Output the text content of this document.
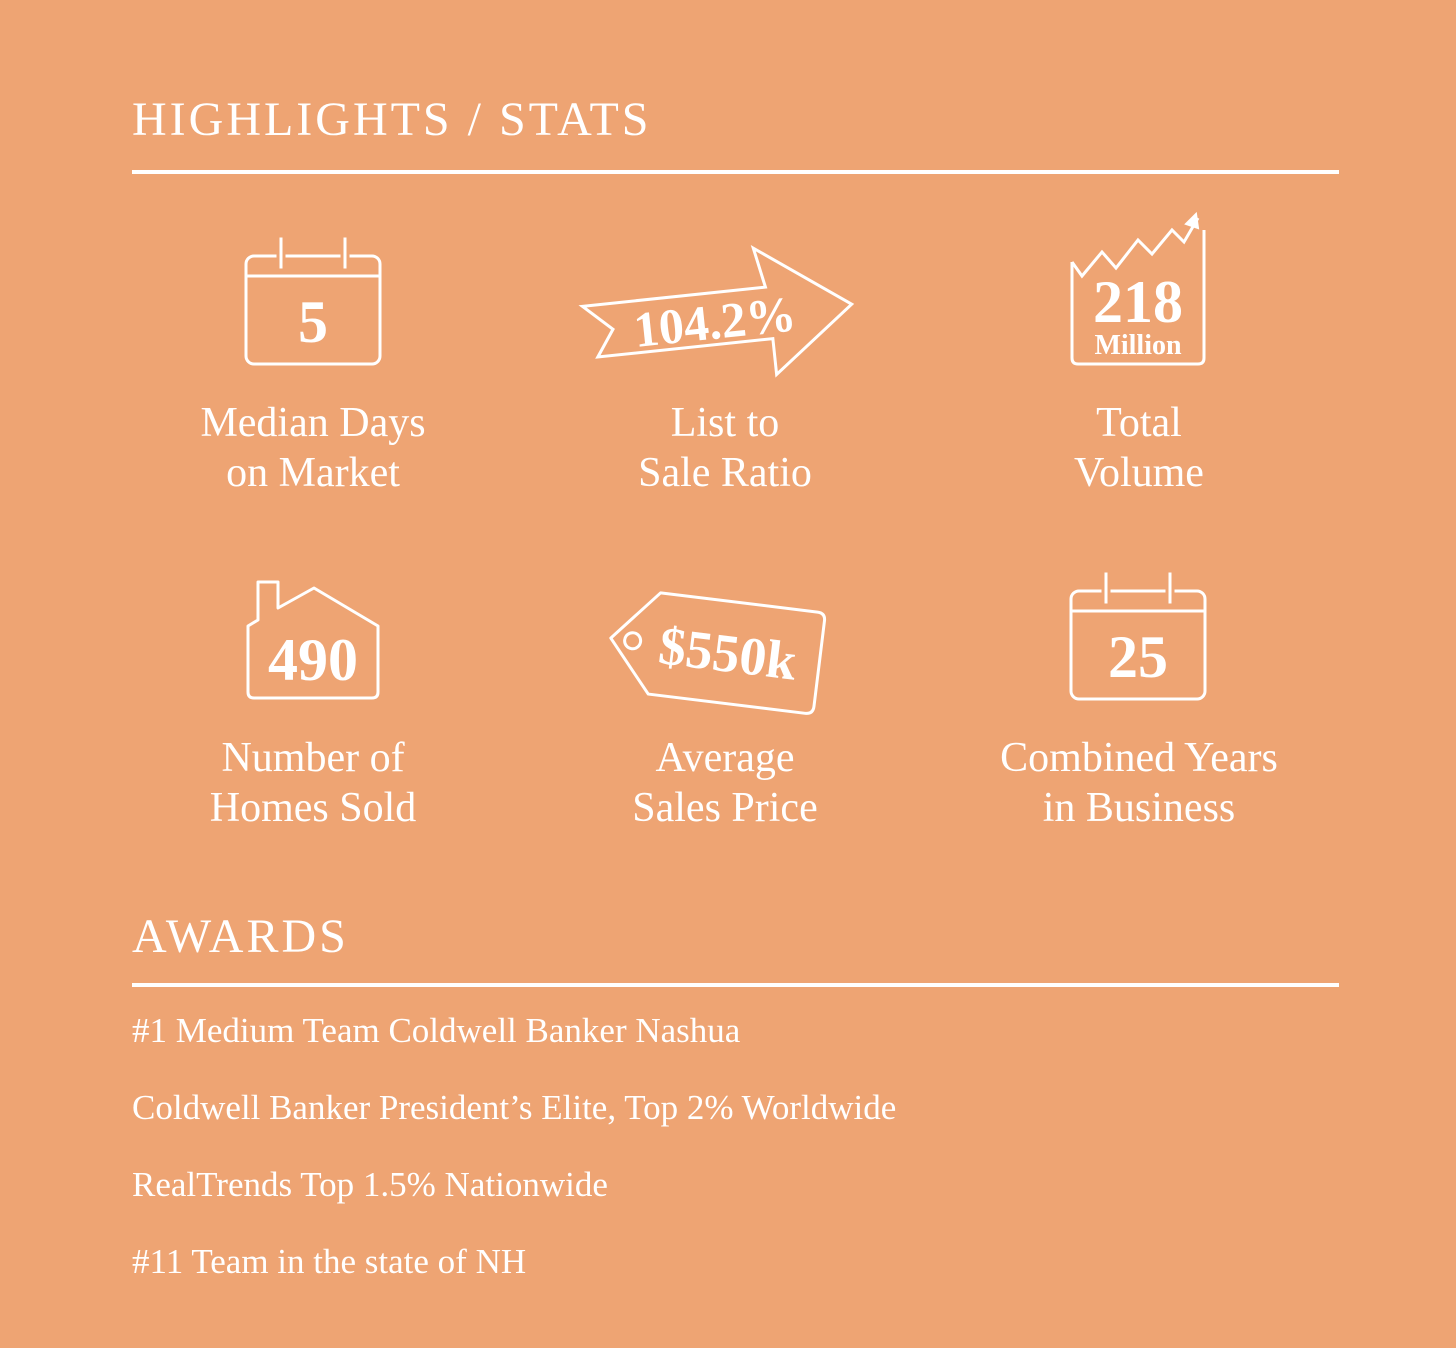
HIGHLIGHTS / STATS
5
Median Days
on Market
104.2%
List to
Sale Ratio
218
Million
Total
Volume
490
Number of
Homes Sold
$550k
Average
Sales Price
25
Combined Years
in Business
AWARDS
#1 Medium Team Coldwell Banker Nashua
Coldwell Banker President’s Elite, Top 2% Worldwide
RealTrends Top 1.5% Nationwide
#11 Team in the state of NH
